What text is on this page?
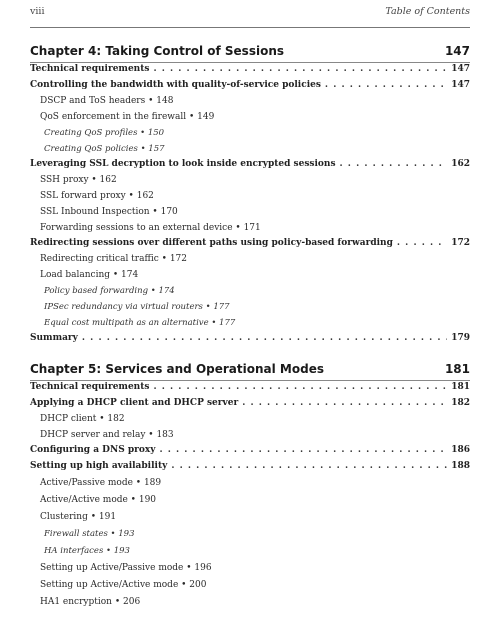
viii	Table of Contents
Chapter 4: Taking Control of Sessions	147
Technical requirements . . .	147
Controlling the bandwidth with quality-of-service policies . . .	147
DSCP and ToS headers • 148
QoS enforcement in the firewall • 149
Creating QoS profiles • 150
Creating QoS policies • 157
Leveraging SSL decryption to look inside encrypted sessions . . .	162
SSH proxy • 162
SSL forward proxy • 162
SSL Inbound Inspection • 170
Forwarding sessions to an external device • 171
Redirecting sessions over different paths using policy-based forwarding . . .	172
Redirecting critical traffic • 172
Load balancing • 174
Policy based forwarding • 174
IPSec redundancy via virtual routers • 177
Equal cost multipath as an alternative • 177
Summary . . .	179
Chapter 5: Services and Operational Modes	181
Technical requirements . . .	181
Applying a DHCP client and DHCP server . . .	182
DHCP client • 182
DHCP server and relay • 183
Configuring a DNS proxy . . .	186
Setting up high availability . . .	188
Active/Passive mode • 189
Active/Active mode • 190
Clustering • 191
Firewall states • 193
HA interfaces • 193
Setting up Active/Passive mode • 196
Setting up Active/Active mode • 200
HA1 encryption • 206
